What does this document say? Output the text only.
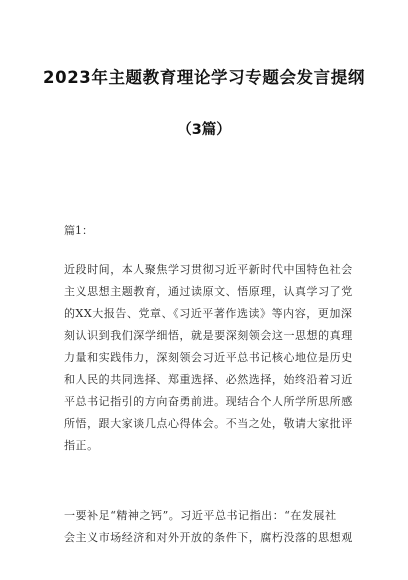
2023年主题教育理论学习专题会发言提纲
（3篇）
篇1：
近段时间，本人聚焦学习贯彻习近平新时代中国特色社会
主义思想主题教育，通过读原文、悟原理，认真学习了党
的XX大报告、党章、《习近平著作选读》等内容，更加深
刻认识到我们深学细悟，就是要深刻领会这一思想的真理
力量和实践伟力，深刻领会习近平总书记核心地位是历史
和人民的共同选择、郑重选择、必然选择，始终沿着习近
平总书记指引的方向奋勇前进。现结合个人所学所思所感
所悟，跟大家谈几点心得体会。不当之处，敬请大家批评
指正。
一要补足“精神之钙”。习近平总书记指出：“在发展社
会主义市场经济和对外开放的条件下，腐朽没落的思想观
